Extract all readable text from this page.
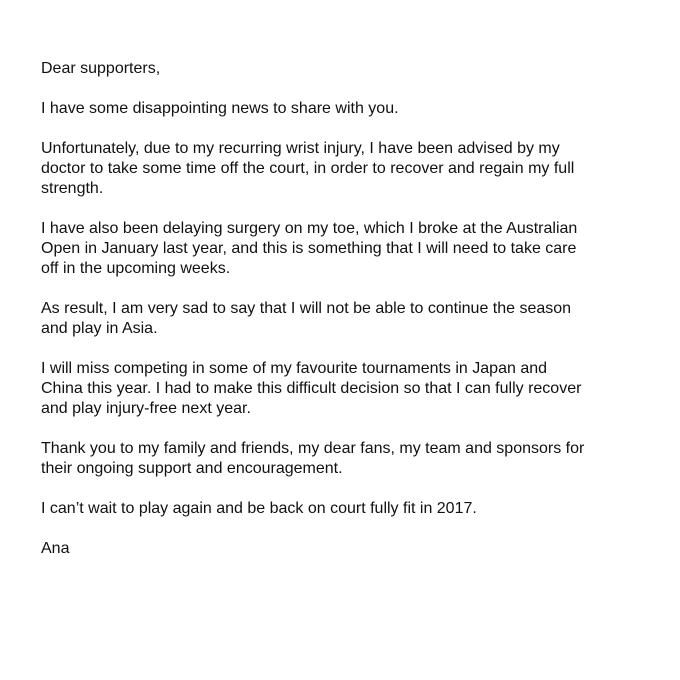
Dear supporters,

I have some disappointing news to share with you.

Unfortunately, due to my recurring wrist injury, I have been advised by my
doctor to take some time off the court, in order to recover and regain my full
strength.

I have also been delaying surgery on my toe, which I broke at the Australian
Open in January last year, and this is something that I will need to take care
off in the upcoming weeks.

As result, I am very sad to say that I will not be able to continue the season
and play in Asia.

I will miss competing in some of my favourite tournaments in Japan and
China this year. I had to make this difficult decision so that I can fully recover
and play injury-free next year.

Thank you to my family and friends, my dear fans, my team and sponsors for
their ongoing support and encouragement.

I can’t wait to play again and be back on court fully fit in 2017.

Ana
